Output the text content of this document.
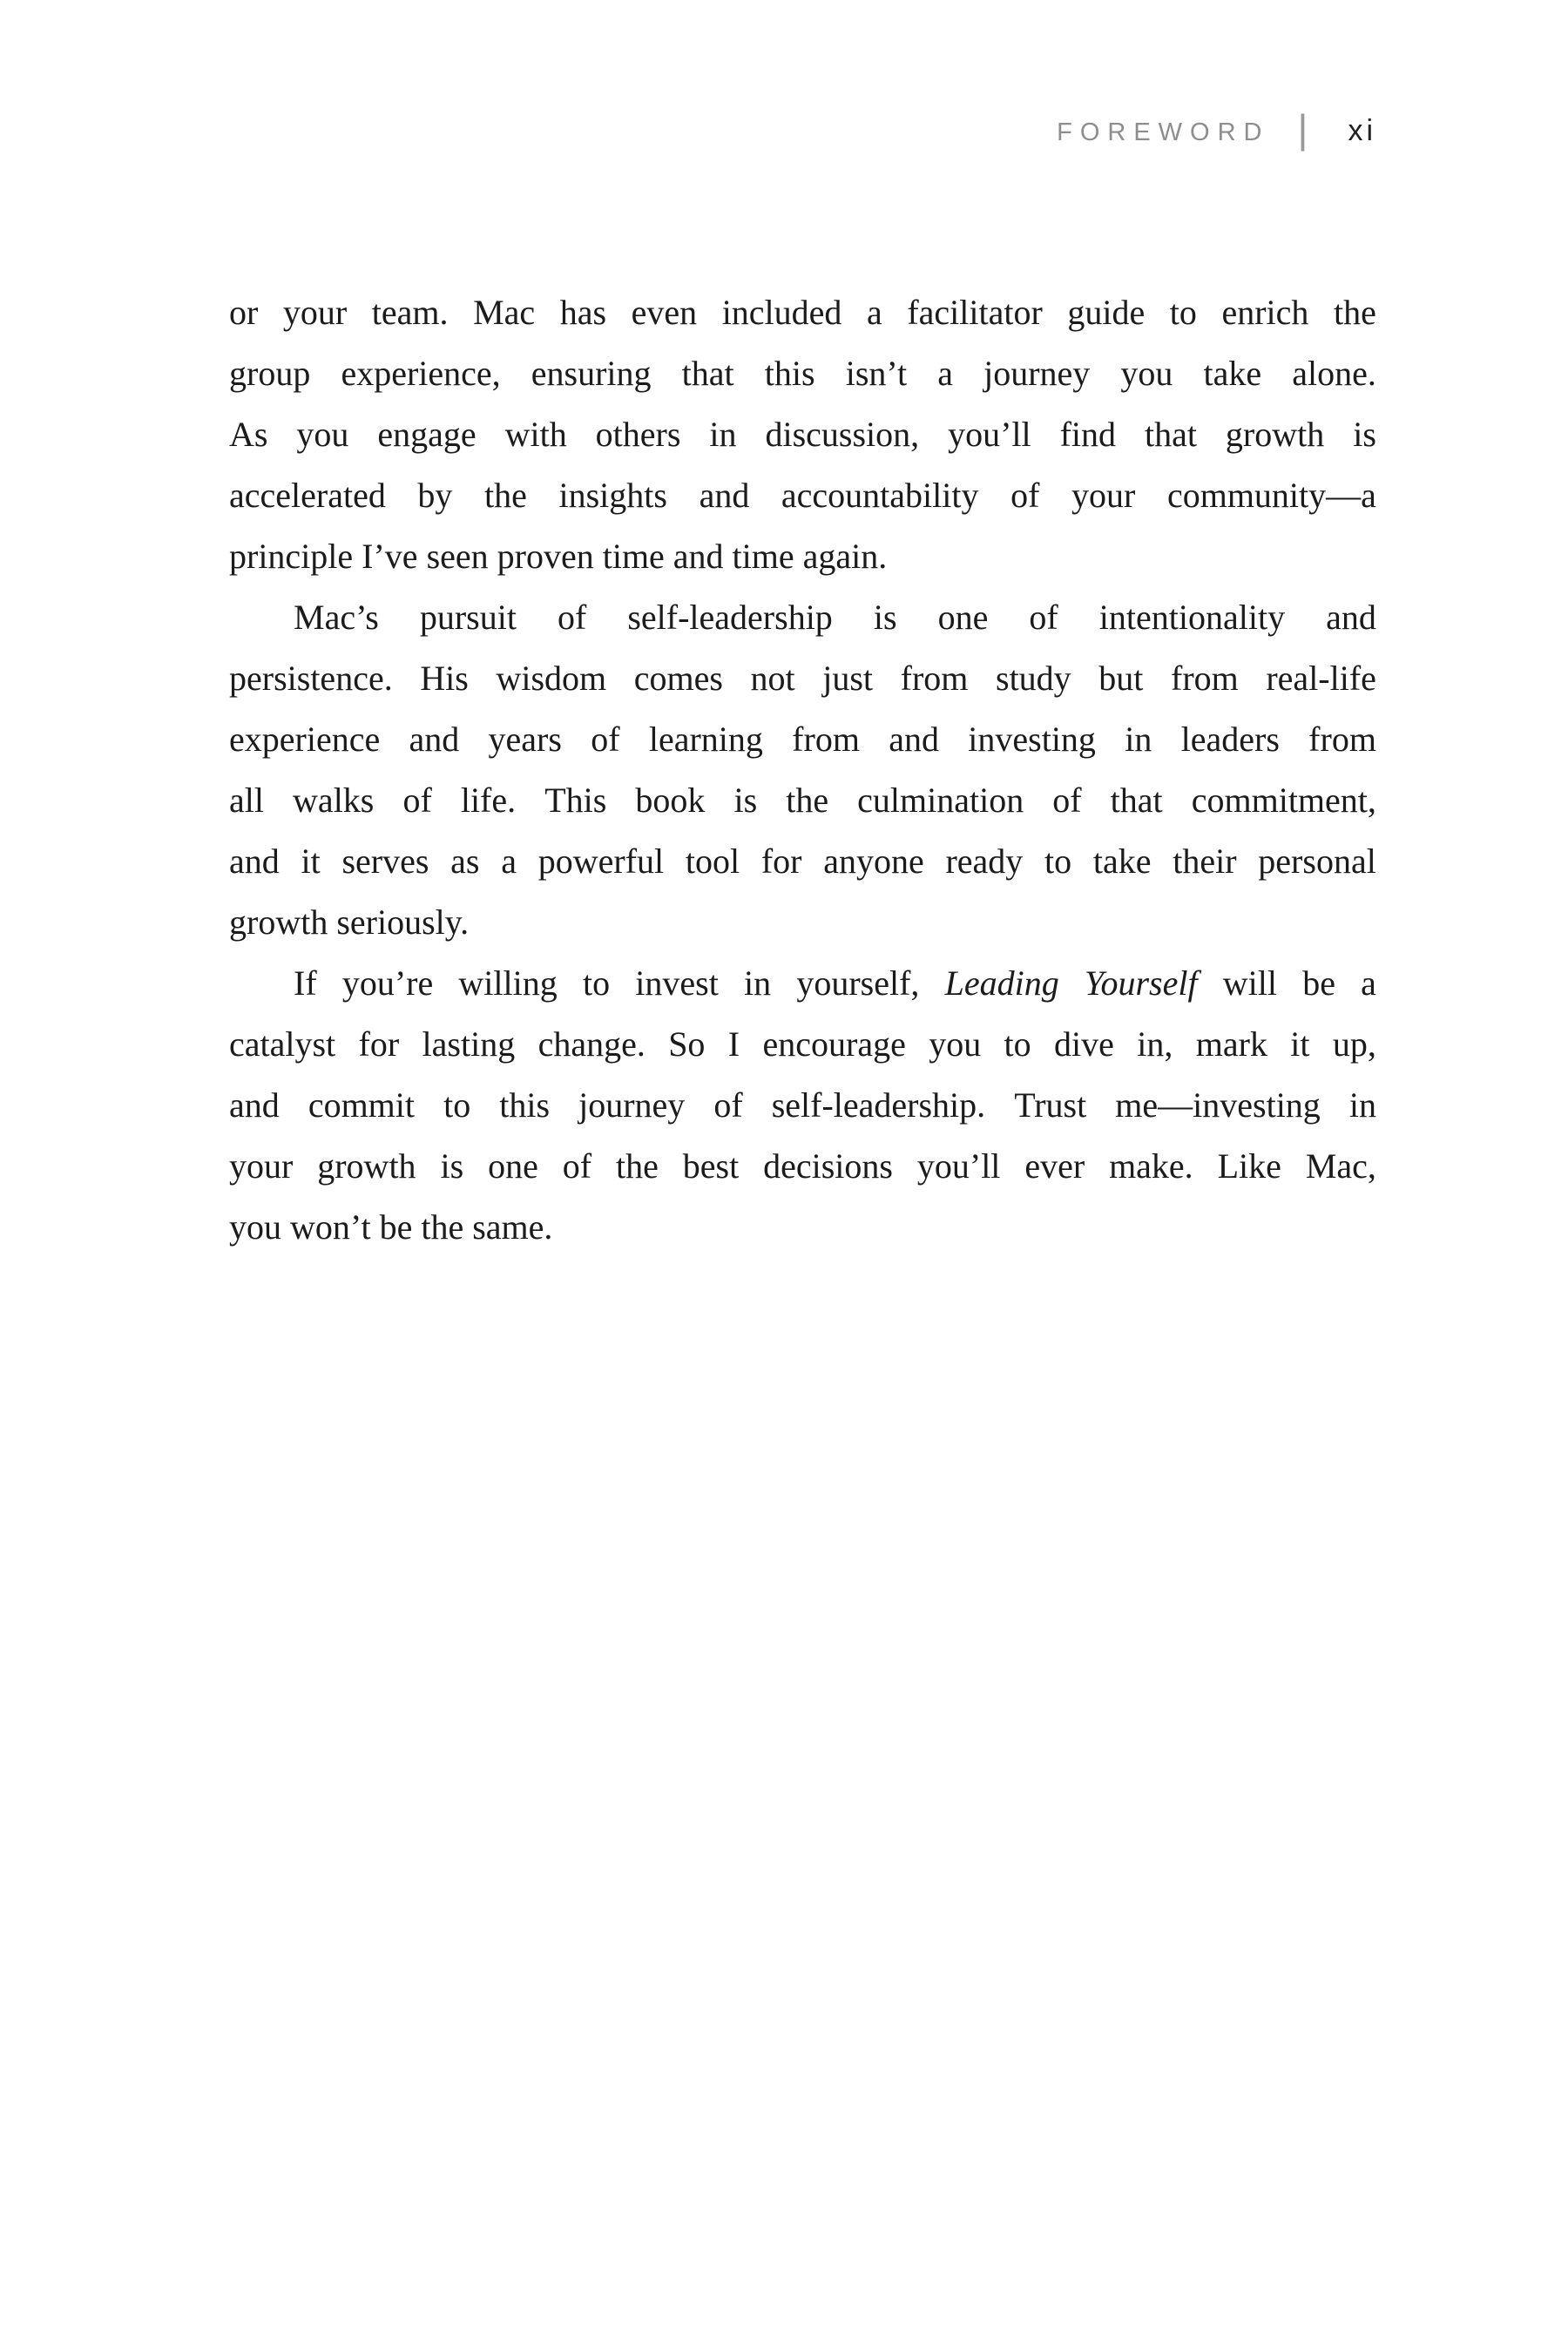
FOREWORD | xi
or your team. Mac has even included a facilitator guide to enrich the
group experience, ensuring that this isn’t a journey you take alone.
As you engage with others in discussion, you’ll find that growth is
accelerated by the insights and accountability of your community—a
principle I’ve seen proven time and time again.
Mac’s pursuit of self-leadership is one of intentionality and
persistence. His wisdom comes not just from study but from real-life
experience and years of learning from and investing in leaders from
all walks of life. This book is the culmination of that commitment,
and it serves as a powerful tool for anyone ready to take their personal
growth seriously.
If you’re willing to invest in yourself, Leading Yourself will be a
catalyst for lasting change. So I encourage you to dive in, mark it up,
and commit to this journey of self-leadership. Trust me—investing in
your growth is one of the best decisions you’ll ever make. Like Mac,
you won’t be the same.
